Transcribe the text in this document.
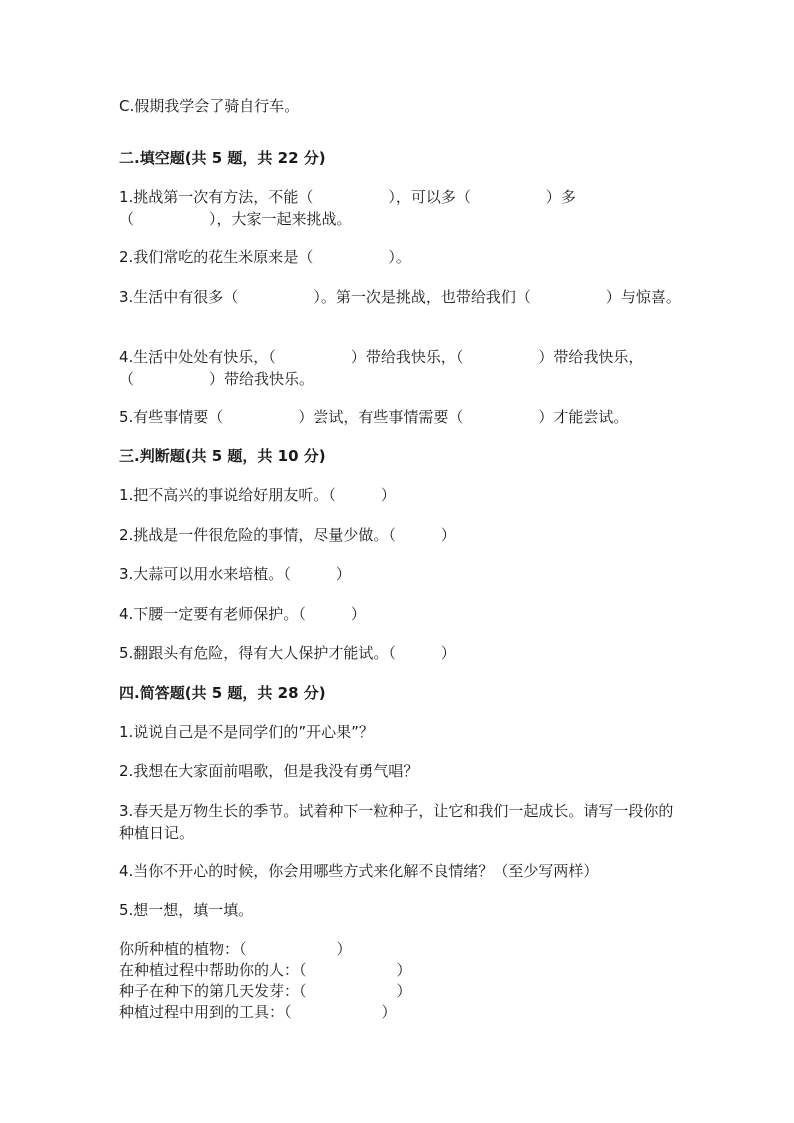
C.假期我学会了骑自行车。

二.填空题(共 5 题，共 22 分)

1.挑战第一次有方法，不能（　　　　　），可以多（　　　　　）多（　　　　　），大家一起来挑战。

2.我们常吃的花生米原来是（　　　　　）。

3.生活中有很多（　　　　　）。第一次是挑战，也带给我们（　　　　　）与惊喜。

4.生活中处处有快乐，（　　　　　）带给我快乐，（　　　　　）带给我快乐，（　　　　　）带给我快乐。

5.有些事情要（　　　　　）尝试，有些事情需要（　　　　　）才能尝试。

三.判断题(共 5 题，共 10 分)

1.把不高兴的事说给好朋友听。（　　　）

2.挑战是一件很危险的事情，尽量少做。（　　　）

3.大蒜可以用水来培植。（　　　）

4.下腰一定要有老师保护。（　　　）

5.翻跟头有危险，得有大人保护才能试。（　　　）

四.简答题(共 5 题，共 28 分)

1.说说自己是不是同学们的”开心果”？

2.我想在大家面前唱歌，但是我没有勇气唱？

3.春天是万物生长的季节。试着种下一粒种子，让它和我们一起成长。请写一段你的种植日记。

4.当你不开心的时候，你会用哪些方式来化解不良情绪？（至少写两样）

5.想一想，填一填。

你所种植的植物：（　　　　　　）

在种植过程中帮助你的人：（　　　　　　）

种子在种下的第几天发芽：（　　　　　　）

种植过程中用到的工具：（　　　　　　）
